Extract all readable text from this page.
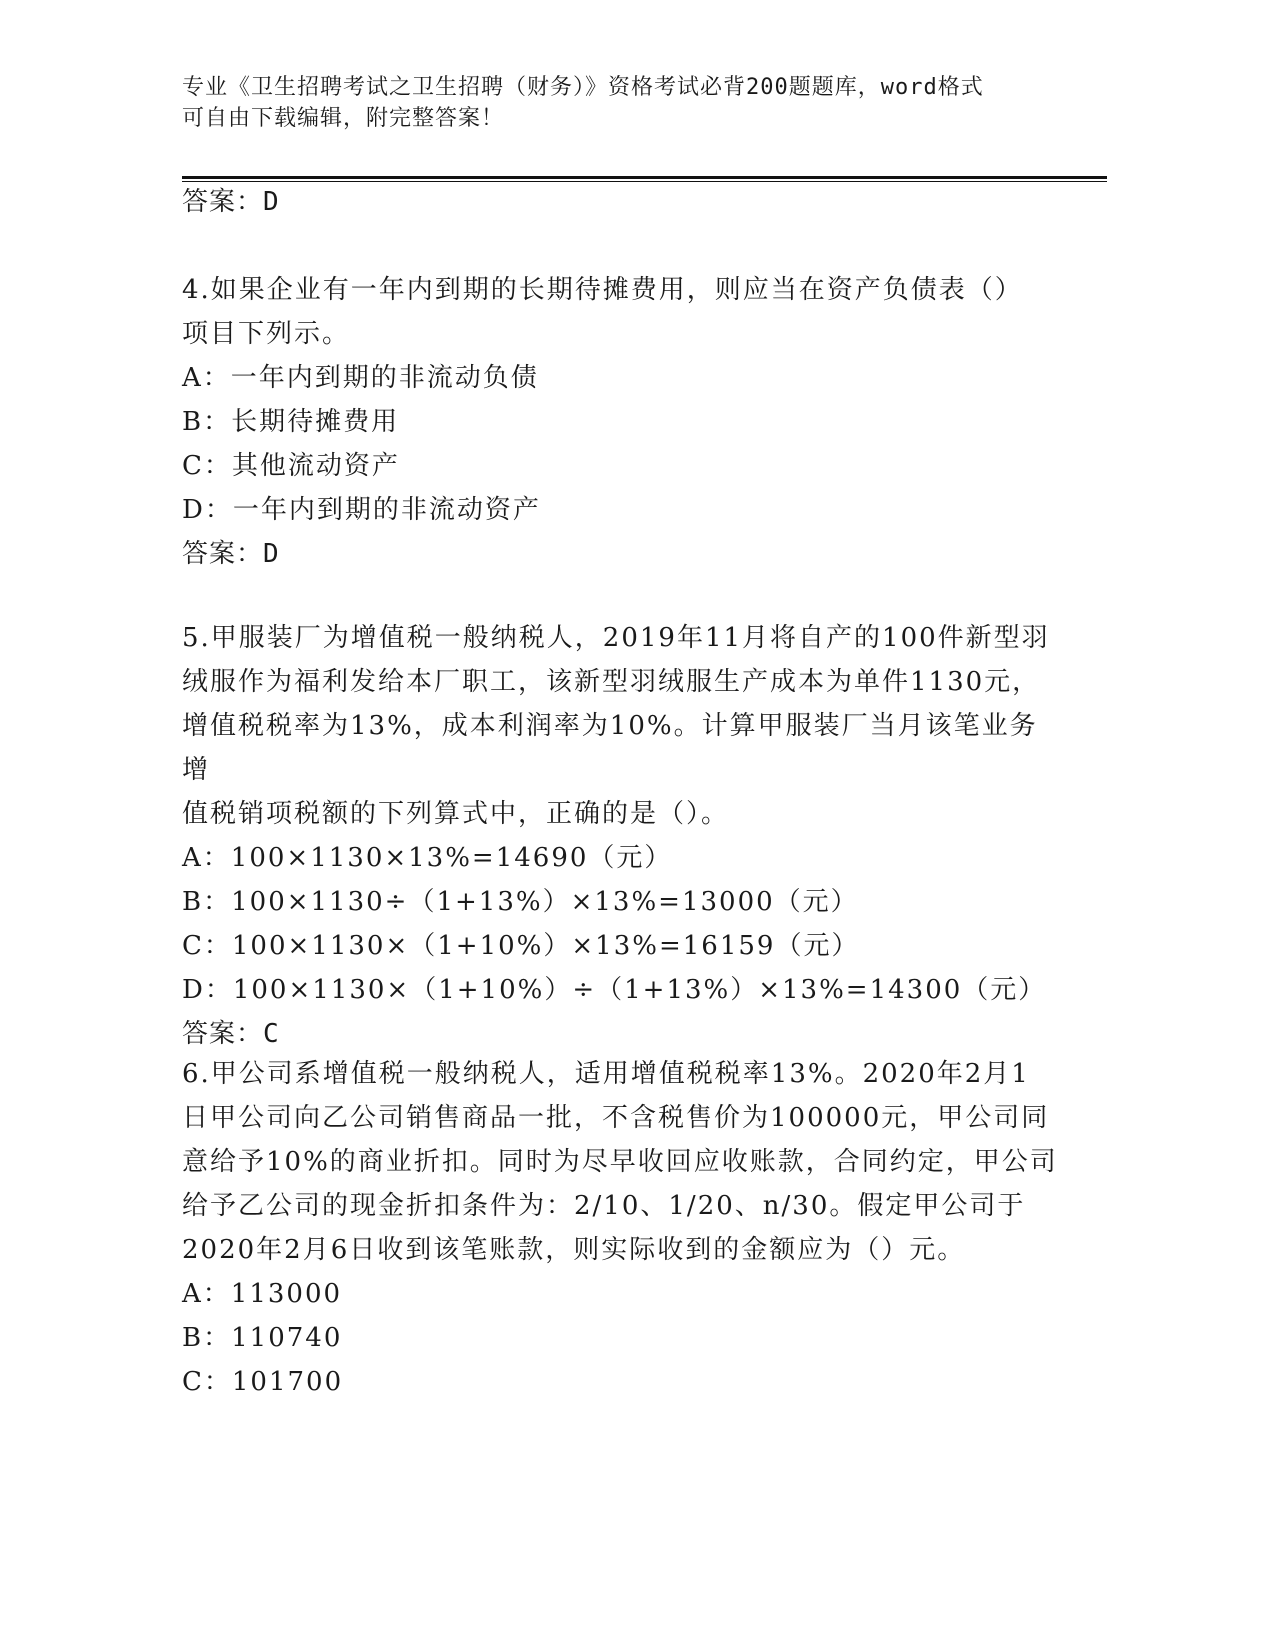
专业《卫生招聘考试之卫生招聘（财务）》资格考试必背200题题库，word格式
可自由下载编辑，附完整答案！

答案：D

4.如果企业有一年内到期的长期待摊费用，则应当在资产负债表（）

项目下列示。

A：一年内到期的非流动负债

B：长期待摊费用

C：其他流动资产

D：一年内到期的非流动资产

答案：D

5.甲服装厂为增值税一般纳税人，2019年11月将自产的100件新型羽

绒服作为福利发给本厂职工，该新型羽绒服生产成本为单件1130元，

增值税税率为13%，成本利润率为10%。计算甲服装厂当月该笔业务增

值税销项税额的下列算式中，正确的是（）。

A：100×1130×13%=14690（元）

B：100×1130÷（1+13%）×13%=13000（元）

C：100×1130×（1+10%）×13%=16159（元）

D：100×1130×（1+10%）÷（1+13%）×13%=14300（元）

答案：C

6.甲公司系增值税一般纳税人，适用增值税税率13%。2020年2月1

日甲公司向乙公司销售商品一批，不含税售价为100000元，甲公司同

意给予10%的商业折扣。同时为尽早收回应收账款，合同约定，甲公司

给予乙公司的现金折扣条件为：2/10、1/20、n/30。假定甲公司于

2020年2月6日收到该笔账款，则实际收到的金额应为（）元。

A：113000

B：110740

C：101700
